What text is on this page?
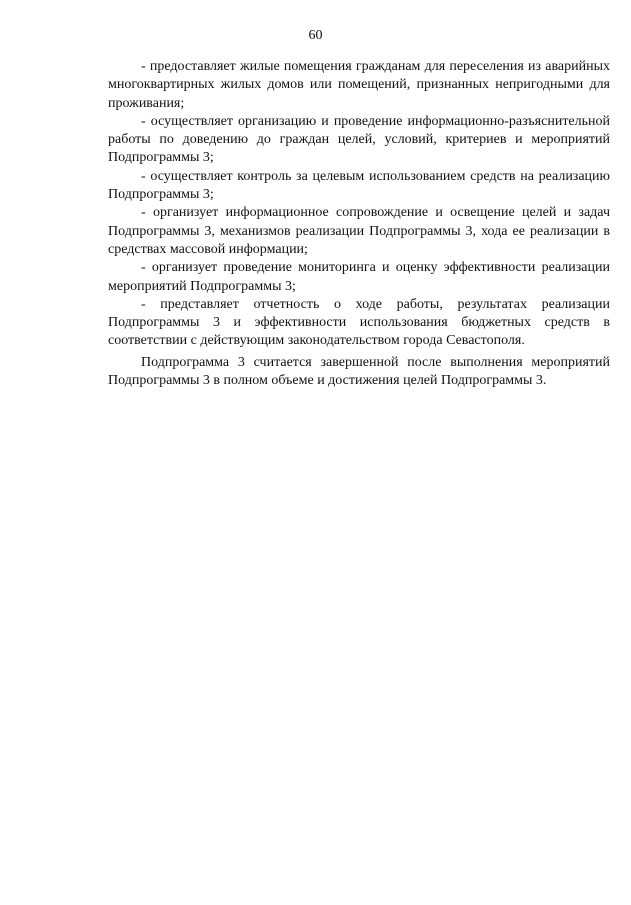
60

- предоставляет жилые помещения гражданам для переселения из аварийных многоквартирных жилых домов или помещений, признанных непригодными для проживания;

- осуществляет организацию и проведение информационно-разъяснительной работы по доведению до граждан целей, условий, критериев и мероприятий Подпрограммы 3;

- осуществляет контроль за целевым использованием средств на реализацию Подпрограммы 3;

- организует информационное сопровождение и освещение целей и задач Подпрограммы 3, механизмов реализации Подпрограммы 3, хода ее реализации в средствах массовой информации;

- организует проведение мониторинга и оценку эффективности реализации мероприятий Подпрограммы 3;

- представляет отчетность о ходе работы, результатах реализации Подпрограммы 3 и эффективности использования бюджетных средств в соответствии с действующим законодательством города Севастополя.

Подпрограмма 3 считается завершенной после выполнения мероприятий Подпрограммы 3 в полном объеме и достижения целей Подпрограммы 3.
